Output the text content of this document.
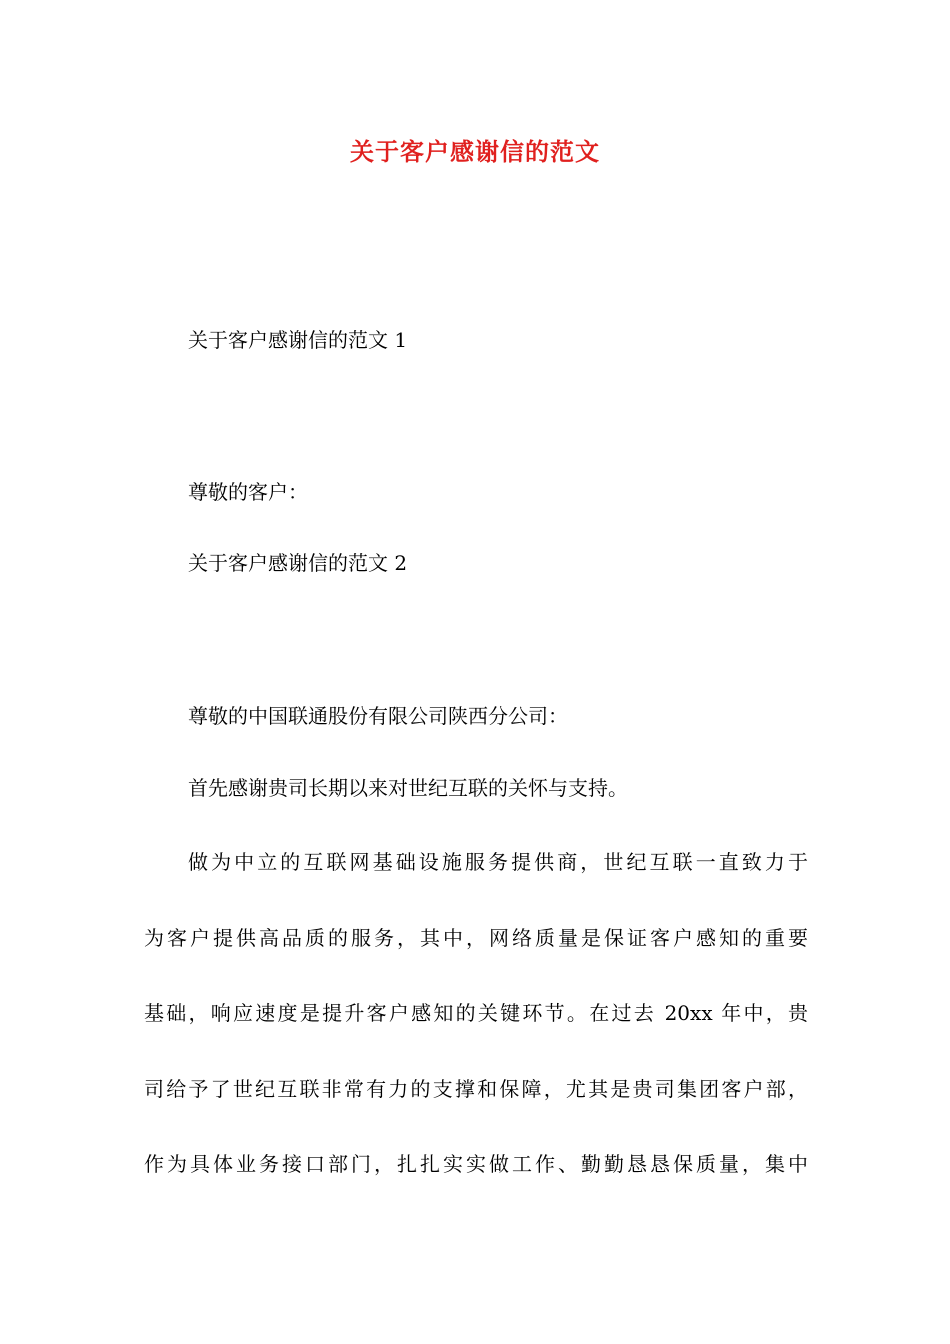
关于客户感谢信的范文
关于客户感谢信的范文 1
尊敬的客户：
关于客户感谢信的范文 2
尊敬的中国联通股份有限公司陕西分公司：
首先感谢贵司长期以来对世纪互联的关怀与支持。
做为中立的互联网基础设施服务提供商，世纪互联一直致力于
为客户提供高品质的服务，其中，网络质量是保证客户感知的重要
基础，响应速度是提升客户感知的关键环节。在过去 20xx 年中，贵
司给予了世纪互联非常有力的支撑和保障，尤其是贵司集团客户部，
作为具体业务接口部门，扎扎实实做工作、勤勤恳恳保质量，集中
